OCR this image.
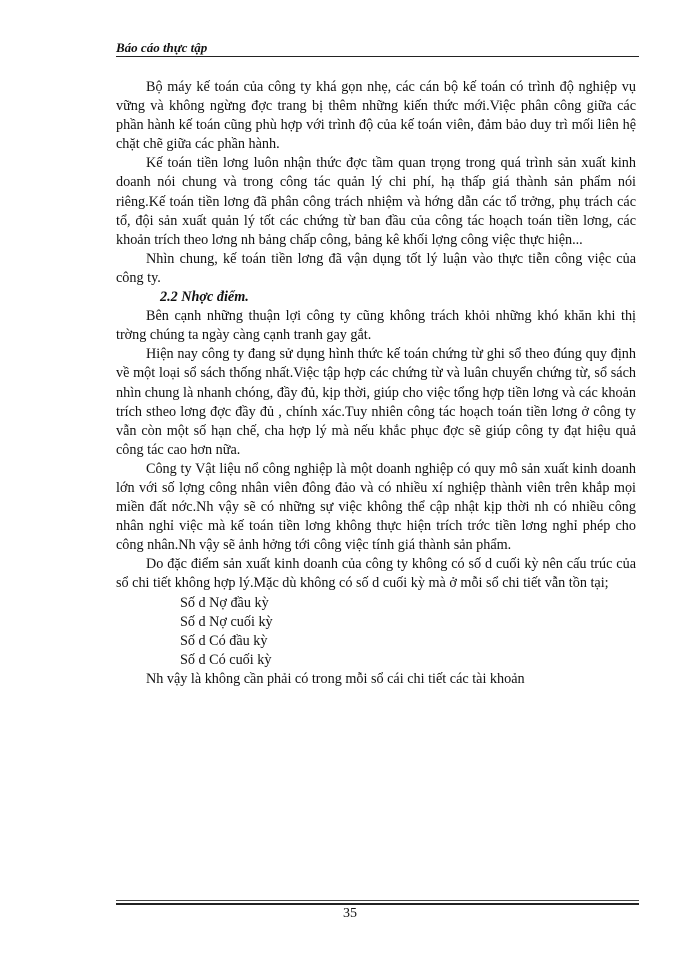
Báo cáo thực tập

Bộ máy kế toán của công ty khá gọn nhẹ, các cán bộ kế toán có trình độ nghiệp vụ vững và không ngừng đợc trang bị thêm những kiến thức mới.Việc phân công giữa các phần hành kế toán cũng phù hợp với trình độ của kế toán viên, đảm bảo duy trì mối liên hệ chặt chẽ giữa các phần hành.

Kế toán tiền lơng luôn nhận thức đợc tầm quan trọng trong quá trình sản xuất kinh doanh nói chung và trong công tác quản lý chi phí, hạ thấp giá thành sản phẩm nói riêng.Kế toán tiền lơng đã phân công trách nhiệm và hớng dẫn các tổ trởng, phụ trách các tổ, đội sản xuất quản lý tốt các chứng từ ban đầu của công tác hoạch toán tiền lơng, các khoản trích theo lơng nh bảng chấp công, bảng kê khối lợng công việc thực hiện...

Nhìn chung, kế toán tiền lơng đã vận dụng tốt lý luận vào thực tiễn công việc của công ty.

2.2 Nhợc điểm.

Bên cạnh những thuận lợi công ty cũng không trách khỏi những khó khăn khi thị trờng chúng ta ngày càng cạnh tranh gay gắt.

Hiện nay công ty đang sử dụng hình thức kế toán chứng từ ghi sổ theo đúng quy định về một loại sổ sách thống nhất.Việc tập hợp các chứng từ và luân chuyển chứng từ, sổ sách nhìn chung là nhanh chóng, đầy đủ, kịp thời, giúp cho việc tổng hợp tiền lơng và các khoản trích stheo lơng đợc đầy đủ , chính xác.Tuy nhiên công tác hoạch toán tiền lơng ở công ty vẫn còn một số hạn chế, cha hợp lý mà nếu khắc phục đợc sẽ giúp công ty đạt hiệu quả công tác cao hơn nữa.

Công ty Vật liệu nổ công nghiệp là một doanh nghiệp có quy mô sản xuất kinh doanh lớn với số lợng công nhân viên đông đảo và có nhiều xí nghiệp thành viên trên khắp mọi miền đất nớc.Nh vậy sẽ có những sự việc không thể cập nhật kịp thời nh có nhiều công nhân nghỉ việc mà kế toán tiền lơng không thực hiện trích trớc tiền lơng nghỉ phép cho công nhân.Nh vậy sẽ ảnh hởng tới công việc tính giá thành sản phẩm.

Do đặc điểm sản xuất kinh doanh của công ty không có số d cuối kỳ nên cấu trúc của sổ chi tiết không hợp lý.Mặc dù không có số d cuối kỳ mà ở mỗi sổ chi tiết vẫn tồn tại;

Số d Nợ đầu kỳ
Số d Nợ cuối kỳ
Số d Có đầu kỳ
Số d Có cuối kỳ

Nh vậy là không cần phải có trong mỗi sổ cái chi tiết các tài khoản

35
